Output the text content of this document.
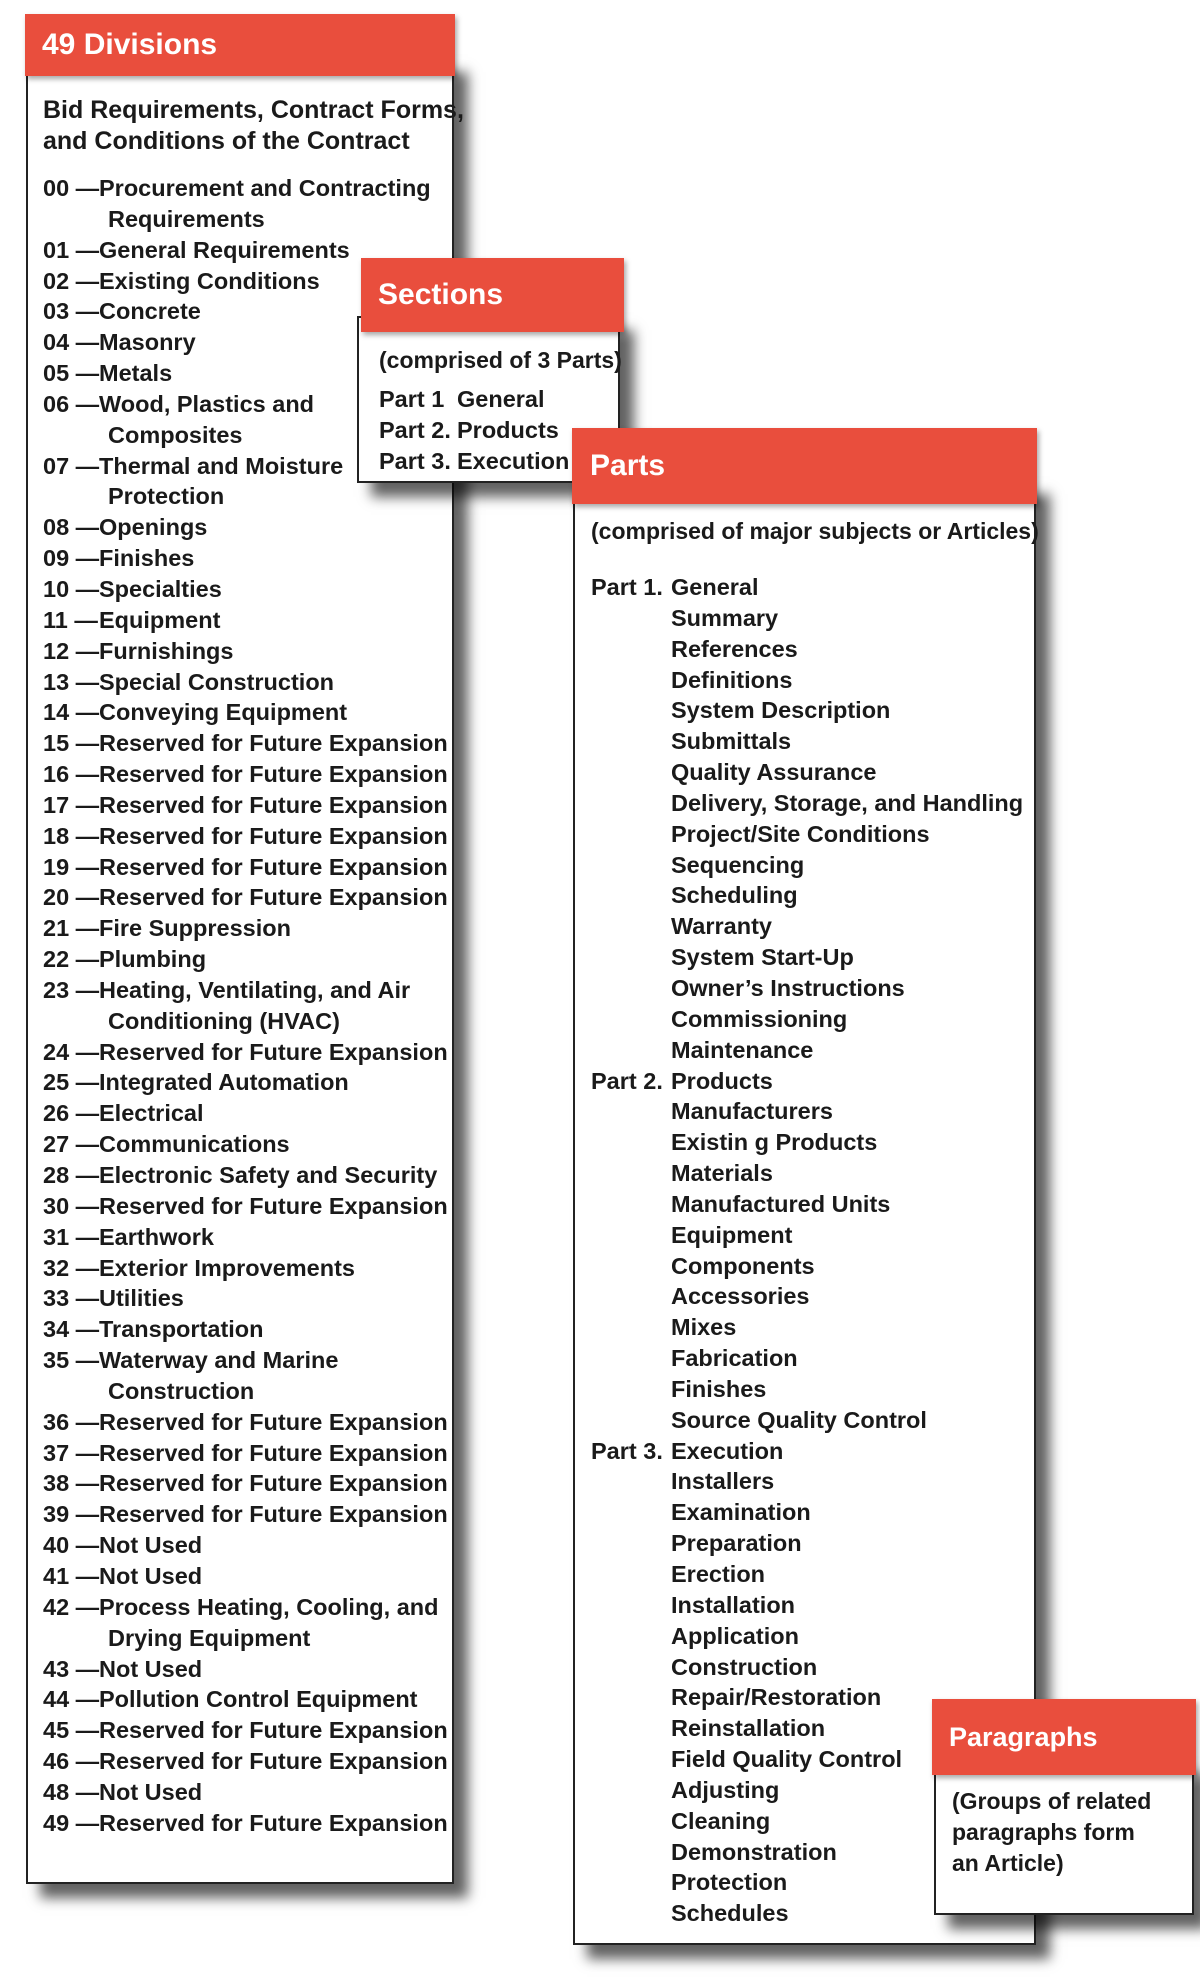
49 Divisions
Bid Requirements, Contract Forms,
and Conditions of the Contract
00 —Procurement and Contracting
Requirements
01 —General Requirements
02 —Existing Conditions
03 —Concrete
04 —Masonry
05 —Metals
06 —Wood, Plastics and
Composites
07 —Thermal and Moisture
Protection
08 —Openings
09 —Finishes
10 —Specialties
11 —Equipment
12 —Furnishings
13 —Special Construction
14 —Conveying Equipment
15 —Reserved for Future Expansion
16 —Reserved for Future Expansion
17 —Reserved for Future Expansion
18 —Reserved for Future Expansion
19 —Reserved for Future Expansion
20 —Reserved for Future Expansion
21 —Fire Suppression
22 —Plumbing
23 —Heating, Ventilating, and Air
Conditioning (HVAC)
24 —Reserved for Future Expansion
25 —Integrated Automation
26 —Electrical
27 —Communications
28 —Electronic Safety and Security
30 —Reserved for Future Expansion
31 —Earthwork
32 —Exterior Improvements
33 —Utilities
34 —Transportation
35 —Waterway and Marine
Construction
36 —Reserved for Future Expansion
37 —Reserved for Future Expansion
38 —Reserved for Future Expansion
39 —Reserved for Future Expansion
40 —Not Used
41 —Not Used
42 —Process Heating, Cooling, and
Drying Equipment
43 —Not Used
44 —Pollution Control Equipment
45 —Reserved for Future Expansion
46 —Reserved for Future Expansion
48 —Not Used
49 —Reserved for Future Expansion
Sections
(comprised of 3 Parts)
Part 1 General
Part 2. Products
Part 3. Execution Parts
(comprised of major subjects or Articles)
Part 1. General
Summary
References
Definitions
System Description
Submittals
Quality Assurance
Delivery, Storage, and Handling
Project/Site Conditions
Sequencing
Scheduling
Warranty
System Start-Up
Owner’s Instructions
Commissioning
Maintenance
Part 2. Products
Manufacturers
Existin g Products
Materials
Manufactured Units
Equipment
Components
Accessories
Mixes
Fabrication
Finishes
Source Quality Control
Part 3. Execution
Installers
Examination
Preparation
Erection
Installation
Application
Construction
Repair/Restoration
Reinstallation
Field Quality Control
Adjusting
Cleaning
Demonstration
Protection
Schedules
Paragraphs
(Groups of related
paragraphs form
an Article)
